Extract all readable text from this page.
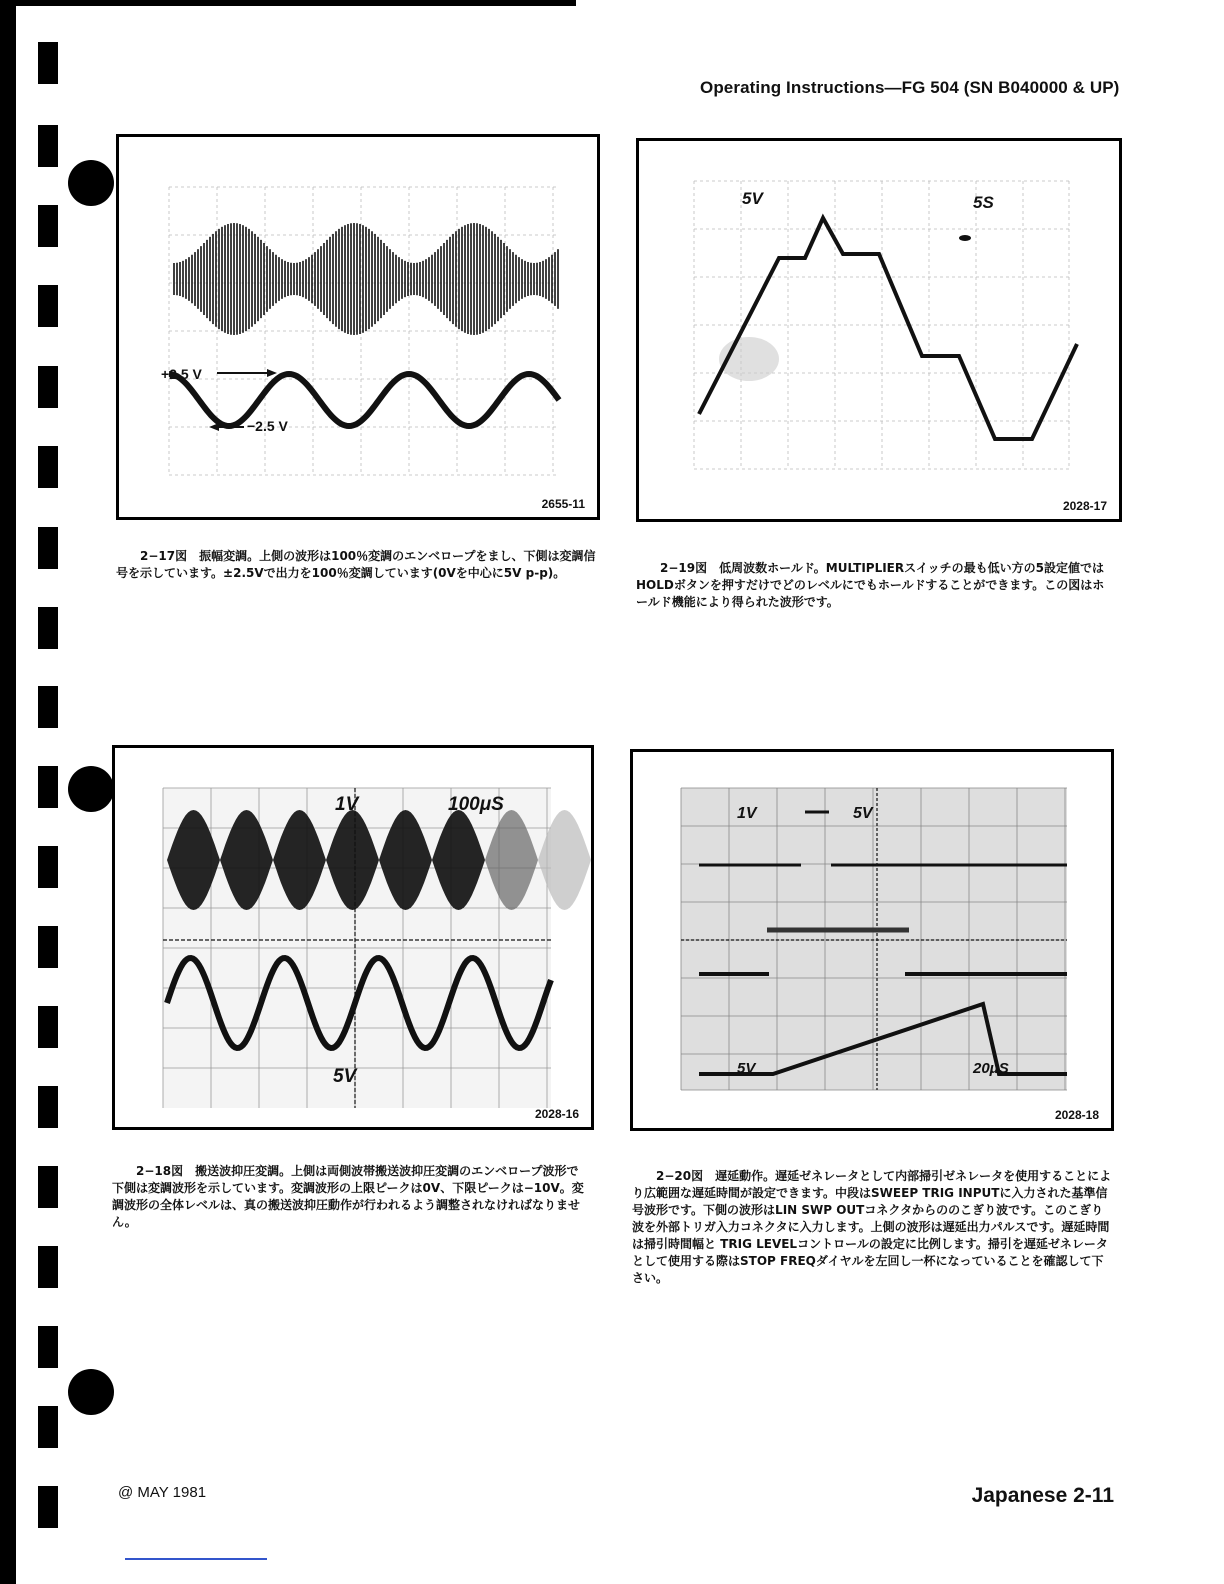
Operating Instructions—FG 504 (SN B040000 & UP)
+2.5 V
−2.5 V
2655-11

2−17図　振幅変調。上側の波形は100％変調のエンベロープをまし、下側は変調信号を示しています。±2.5Vで出力を100％変調しています(0Vを中心に5V p-p)。

5V	5S
2028-17

2−19図　低周波数ホールド。MULTIPLIERスイッチの最も低い方の5設定値ではHOLDボタンを押すだけでどのレベルにでもホールドすることができます。この図はホールド機能により得られた波形です。

1V	100μS
5V
2028-16

2−18図　搬送波抑圧変調。上側は両側波帯搬送波抑圧変調のエンベロープ波形で下側は変調波形を示しています。変調波形の上限ピークは0V、下限ピークは−10V。変調波形の全体レベルは、真の搬送波抑圧動作が行われるよう調整されなければなりません。

1V	5V
5V	20μS
2028-18

2−20図　遅延動作。遅延ゼネレータとして内部掃引ゼネレータを使用することにより広範囲な遅延時間が設定できます。中段はSWEEP TRIG INPUTに入力された基準信号波形です。下側の波形はLIN SWP OUTコネクタからののこぎり波です。このこぎり波を外部トリガ入力コネクタに入力します。上側の波形は遅延出力パルスです。遅延時間は掃引時間幅と TRIG LEVELコントロールの設定に比例します。掃引を遅延ゼネレータとして使用する際はSTOP FREQダイヤルを左回し一杯になっていることを確認して下さい。

@ MAY 1981	Japanese 2-11
